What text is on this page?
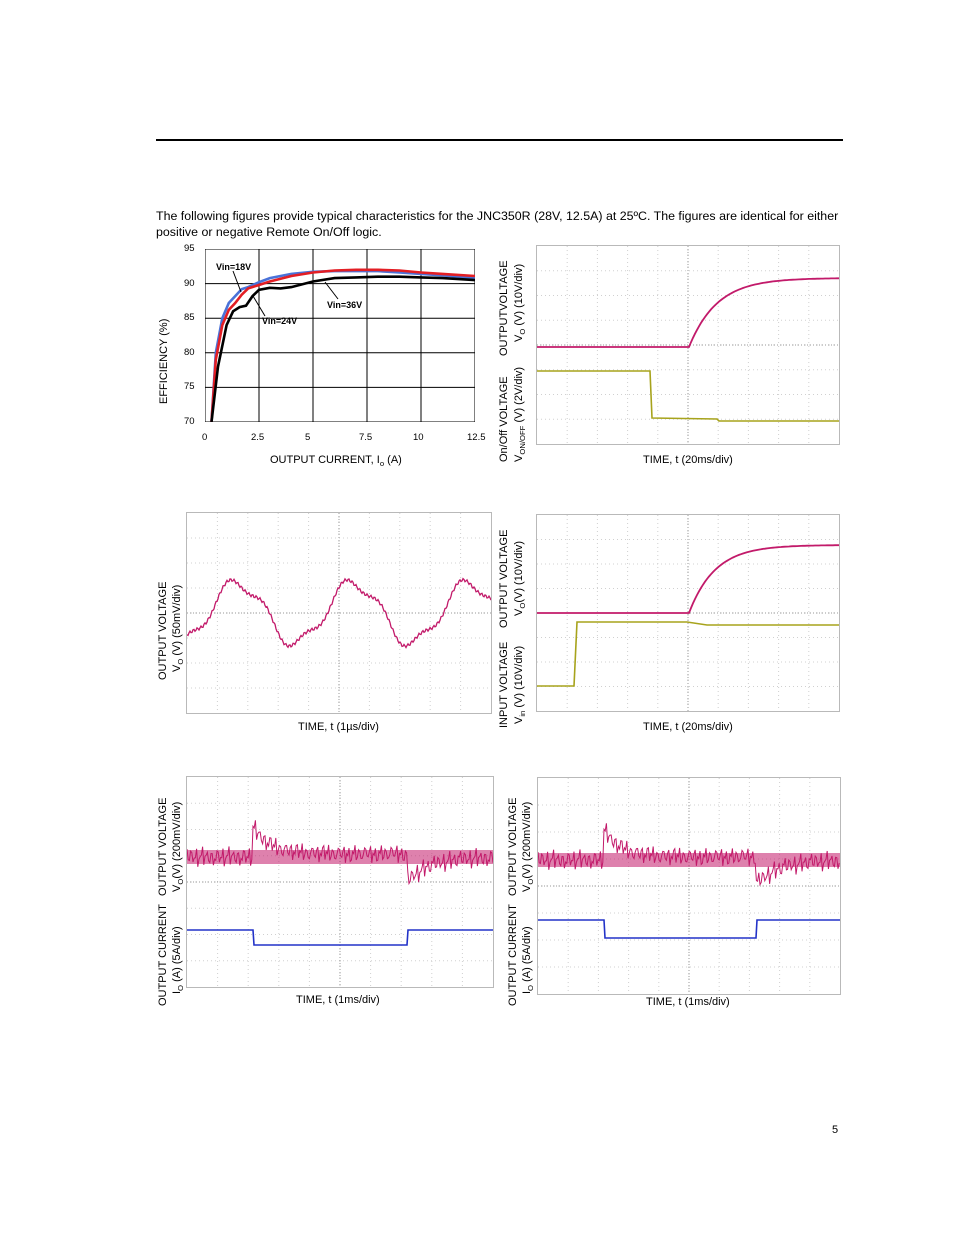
The following figures provide typical characteristics for the JNC350R (28V, 12.5A) at 25ºC. The figures are identical for either positive or negative Remote On/Off logic.
0	2.5	5	7.5	10	12.5
95
90
85
80
75
70
Vin=18V
Vin=24V
Vin=36V
EFFICIENCY (%)
OUTPUT CURRENT, $I_o$ (A)
OUTPUTVOLTAGE $V_O$ (V) (10V/div)
On/Off VOLTAGE $V_{ON/OFF}$ (V) (2V/div)
TIME, t (20ms/div)
OUTPUT VOLTAGE $V_O$ (V) (50mV/div)
TIME, t (1µs/div)
OUTPUT VOLTAGE $V_O(V)$ (10V/div)
INPUT VOLTAGE $V_{in}$ (V) (10V/div)
TIME, t (20ms/div)
OUTPUT VOLTAGE $V_O(V)$ (200mV/div)
OUTPUT CURRENT $I_O$ (A) (5A/div)
TIME, t (1ms/div)
OUTPUT VOLTAGE $V_O(V)$ (200mV/div)
OUTPUT CURRENT $I_O$ (A) (5A/div)
TIME, t (1ms/div)
5
